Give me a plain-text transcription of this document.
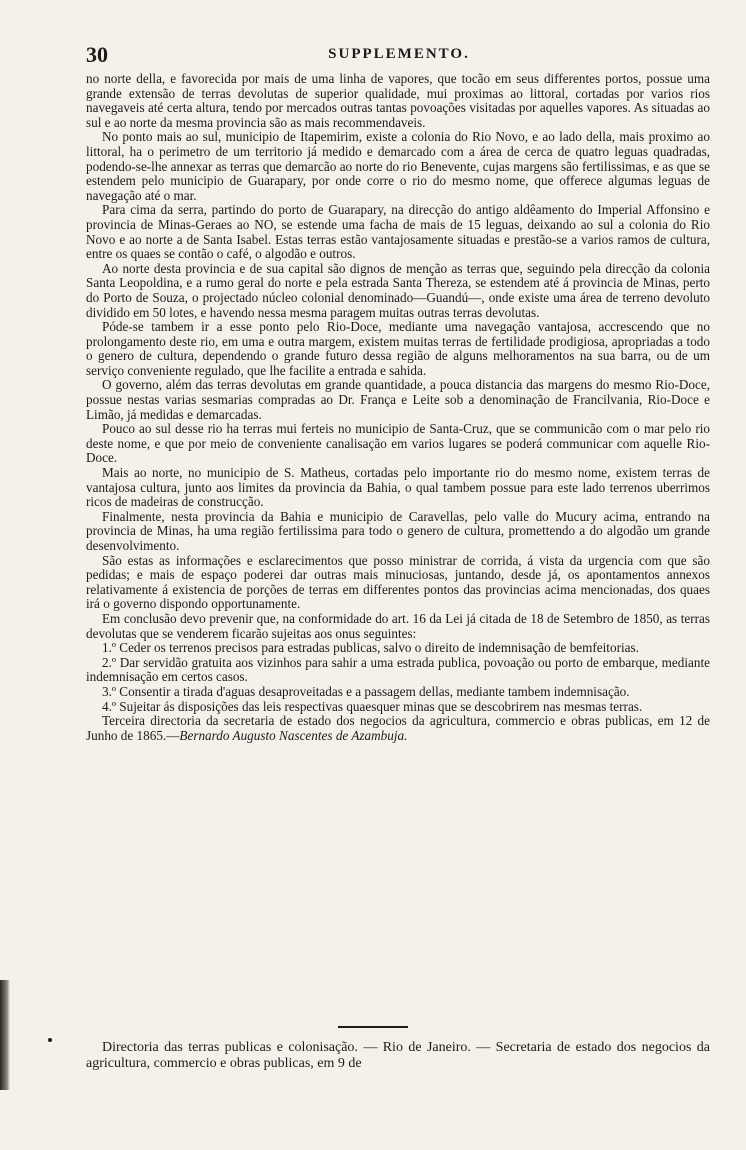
30	SUPPLEMENTO.

no norte della, e favorecida por mais de uma linha de vapores, que tocão em seus differentes portos, possue uma grande extensão de terras devolutas de superior qualidade, mui proximas ao littoral, cortadas por varios rios navegaveis até certa altura, tendo por mercados outras tantas povoações visitadas por aquelles vapores. As situadas ao sul e ao norte da mesma provincia são as mais recommendaveis.

No ponto mais ao sul, municipio de Itapemirim, existe a colonia do Rio Novo, e ao lado della, mais proximo ao littoral, ha o perimetro de um territorio já medido e demarcado com a área de cerca de quatro leguas quadradas, podendo-se-lhe annexar as terras que demarcão ao norte do rio Benevente, cujas margens são fertilissimas, e as que se estendem pelo municipio de Guarapary, por onde corre o rio do mesmo nome, que offerece algumas leguas de navegação até o mar.

Para cima da serra, partindo do porto de Guarapary, na direcção do antigo aldêamento do Imperial Affonsino e provincia de Minas-Geraes ao NO, se estende uma facha de mais de 15 leguas, deixando ao sul a colonia do Rio Novo e ao norte a de Santa Isabel. Estas terras estão vantajosamente situadas e prestão-se a varios ramos de cultura, entre os quaes se contão o café, o algodão e outros.

Ao norte desta provincia e de sua capital são dignos de menção as terras que, seguindo pela direcção da colonia Santa Leopoldina, e a rumo geral do norte e pela estrada Santa Thereza, se estendem até á provincia de Minas, perto do Porto de Souza, o projectado núcleo colonial denominado—Guandú—, onde existe uma área de terreno devoluto dividido em 50 lotes, e havendo nessa mesma paragem muitas outras terras devolutas.

Póde-se tambem ir a esse ponto pelo Rio-Doce, mediante uma navegação vantajosa, accrescendo que no prolongamento deste rio, em uma e outra margem, existem muitas terras de fertilidade prodigiosa, apropriadas a todo o genero de cultura, dependendo o grande futuro dessa região de alguns melhoramentos na sua barra, ou de um serviço conveniente regulado, que lhe facilite a entrada e sahida.

O governo, além das terras devolutas em grande quantidade, a pouca distancia das margens do mesmo Rio-Doce, possue nestas varias sesmarias compradas ao Dr. França e Leite sob a denominação de Francilvania, Rio-Doce e Limão, já medidas e demarcadas.

Pouco ao sul desse rio ha terras mui ferteis no municipio de Santa-Cruz, que se communicão com o mar pelo rio deste nome, e que por meio de conveniente canalisação em varios lugares se poderá communicar com aquelle Rio-Doce.

Mais ao norte, no municipio de S. Matheus, cortadas pelo importante rio do mesmo nome, existem terras de vantajosa cultura, junto aos limites da provincia da Bahia, o qual tambem possue para este lado terrenos uberrimos ricos de madeiras de construcção.

Finalmente, nesta provincia da Bahia e municipio de Caravellas, pelo valle do Mucury acima, entrando na provincia de Minas, ha uma região fertilissima para todo o genero de cultura, promettendo a do algodão um grande desenvolvimento.

São estas as informações e esclarecimentos que posso ministrar de corrida, á vista da urgencia com que são pedidas; e mais de espaço poderei dar outras mais minuciosas, juntando, desde já, os apontamentos annexos relativamente á existencia de porções de terras em differentes pontos das provincias acima mencionadas, dos quaes irá o governo dispondo opportunamente.

Em conclusão devo prevenir que, na conformidade do art. 16 da Lei já citada de 18 de Setembro de 1850, as terras devolutas que se venderem ficarão sujeitas aos onus seguintes:

1.º Ceder os terrenos precisos para estradas publicas, salvo o direito de indemnisação de bemfeitorias.

2.º Dar servidão gratuita aos vizinhos para sahir a uma estrada publica, povoação ou porto de embarque, mediante indemnisação em certos casos.

3.º Consentir a tirada d'aguas desaproveitadas e a passagem dellas, mediante tambem indemnisação.

4.º Sujeitar ás disposições das leis respectivas quaesquer minas que se descobrirem nas mesmas terras.

Terceira directoria da secretaria de estado dos negocios da agricultura, commercio e obras publicas, em 12 de Junho de 1865.—Bernardo Augusto Nascentes de Azambuja.

Directoria das terras publicas e colonisação. — Rio de Janeiro. — Secretaria de estado dos negocios da agricultura, commercio e obras publicas, em 9 de
